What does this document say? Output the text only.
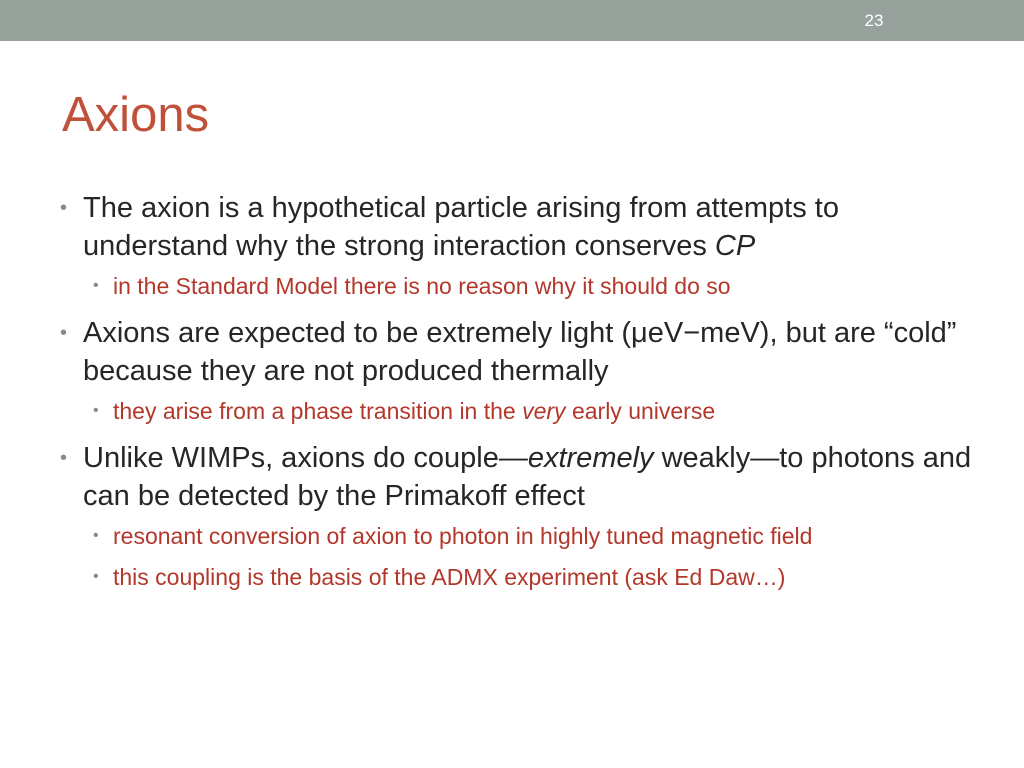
23
Axions
• The axion is a hypothetical particle arising from attempts to understand why the strong interaction conserves CP
• in the Standard Model there is no reason why it should do so
• Axions are expected to be extremely light (μeV−meV), but are “cold” because they are not produced thermally
• they arise from a phase transition in the very early universe
• Unlike WIMPs, axions do couple—extremely weakly—to photons and can be detected by the Primakoff effect
• resonant conversion of axion to photon in highly tuned magnetic field
• this coupling is the basis of the ADMX experiment (ask Ed Daw…)
